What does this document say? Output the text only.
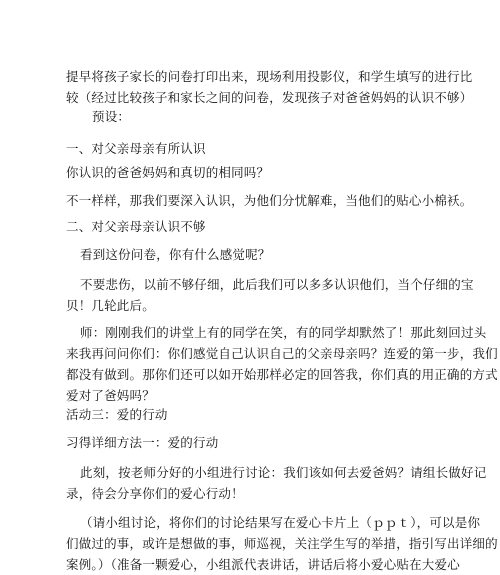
提早将孩子家长的问卷打印出来，现场利用投影仪，和学生填写的进行比
较（经过比较孩子和家长之间的问卷，发现孩子对爸爸妈妈的认识不够）
预设：
一、对父亲母亲有所认识
你认识的爸爸妈妈和真切的相同吗？
不一样样，那我们要深入认识，为他们分忧解难，当他们的贴心小棉袄。
二、对父亲母亲认识不够
看到这份问卷，你有什么感觉呢？
不要悲伤，以前不够仔细，此后我们可以多多认识他们，当个仔细的宝
贝！几轮此后。
师：刚刚我们的讲堂上有的同学在笑，有的同学却默然了！那此刻回过头
来我再问问你们：你们感觉自己认识自己的父亲母亲吗？连爱的第一步，我们
都没有做到。那你们还可以如开始那样必定的回答我，你们真的用正确的方式
爱对了爸妈吗？
活动三：爱的行动
习得详细方法一：爱的行动
此刻，按老师分好的小组进行讨论：我们该如何去爱爸妈？请组长做好记
录，待会分享你们的爱心行动！
（请小组讨论，将你们的讨论结果写在爱心卡片上（ｐｐｔ），可以是你
们做过的事，或许是想做的事，师巡视，关注学生写的举措，指引写出详细的
案例。）（准备一颗爱心，小组派代表讲话，讲话后将小爱心贴在大爱心
